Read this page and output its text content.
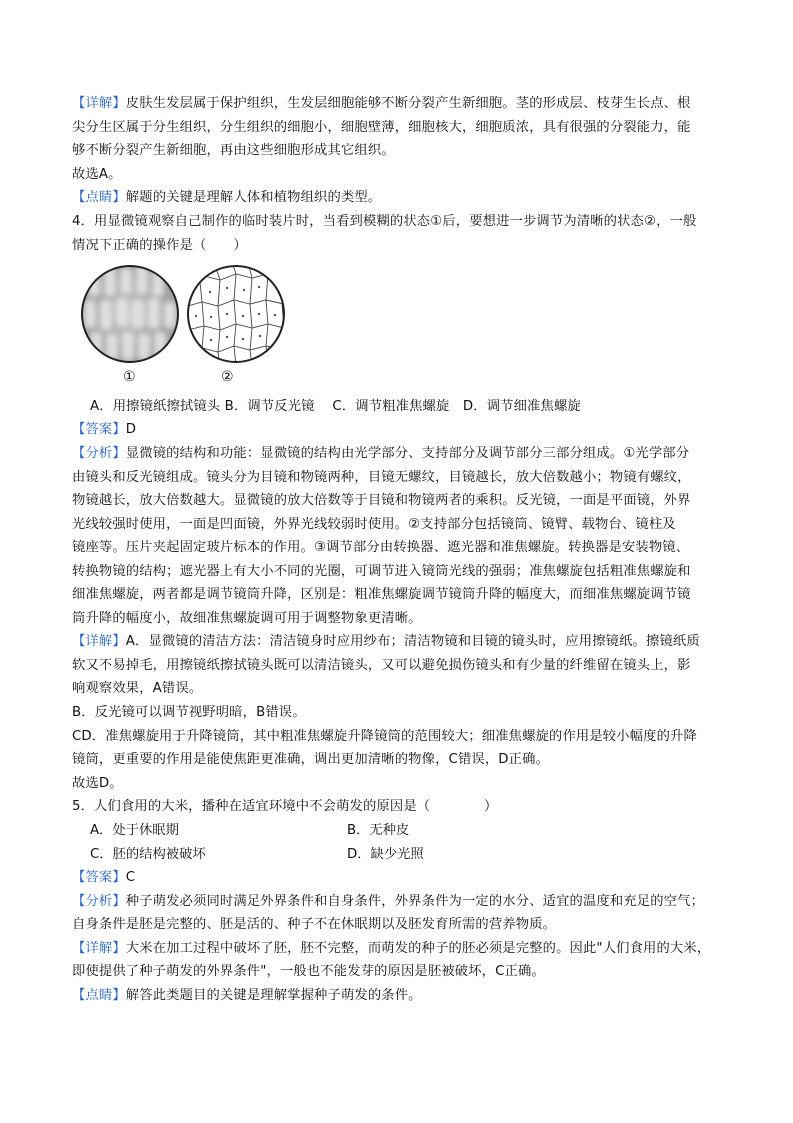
【详解】皮肤生发层属于保护组织，生发层细胞能够不断分裂产生新细胞。茎的形成层、枝芽生长点、根
尖分生区属于分生组织，分生组织的细胞小，细胞壁薄，细胞核大，细胞质浓，具有很强的分裂能力，能
够不断分裂产生新细胞，再由这些细胞形成其它组织。
故选A。
【点睛】解题的关键是理解人体和植物组织的类型。
4．用显微镜观察自己制作的临时装片时，当看到模糊的状态①后，要想进一步调节为清晰的状态②，一般
情况下正确的操作是（　　）
①	②
A．用擦镜纸擦拭镜头 B．调节反光镜　 C．调节粗准焦螺旋　D．调节细准焦螺旋
【答案】D
【分析】显微镜的结构和功能：显微镜的结构由光学部分、支持部分及调节部分三部分组成。①光学部分
由镜头和反光镜组成。镜头分为目镜和物镜两种，目镜无螺纹，目镜越长，放大倍数越小；物镜有螺纹，
物镜越长，放大倍数越大。显微镜的放大倍数等于目镜和物镜两者的乘积。反光镜，一面是平面镜，外界
光线较强时使用，一面是凹面镜，外界光线较弱时使用。②支持部分包括镜筒、镜臂、载物台、镜柱及
镜座等。压片夹起固定玻片标本的作用。③调节部分由转换器、遮光器和准焦螺旋。转换器是安装物镜、
转换物镜的结构；遮光器上有大小不同的光圈，可调节进入镜筒光线的强弱；准焦螺旋包括粗准焦螺旋和
细准焦螺旋，两者都是调节镜筒升降，区别是：粗准焦螺旋调节镜筒升降的幅度大，而细准焦螺旋调节镜
筒升降的幅度小，故细准焦螺旋调可用于调整物象更清晰。
【详解】A．显微镜的清洁方法：清洁镜身时应用纱布；清洁物镜和目镜的镜头时，应用擦镜纸。擦镜纸质
软又不易掉毛，用擦镜纸擦拭镜头既可以清洁镜头，又可以避免损伤镜头和有少量的纤维留在镜头上，影
响观察效果，A错误。
B．反光镜可以调节视野明暗，B错误。
CD．准焦螺旋用于升降镜筒，其中粗准焦螺旋升降镜筒的范围较大；细准焦螺旋的作用是较小幅度的升降
镜筒，更重要的作用是能使焦距更准确，调出更加清晰的物像，C错误，D正确。
故选D。
5．人们食用的大米，播种在适宜环境中不会萌发的原因是（　　　　）
A．处于休眠期	B．无种皮
C．胚的结构被破坏	D．缺少光照
【答案】C
【分析】种子萌发必须同时满足外界条件和自身条件，外界条件为一定的水分、适宜的温度和充足的空气；
自身条件是胚是完整的、胚是活的、种子不在休眠期以及胚发育所需的营养物质。
【详解】大米在加工过程中破坏了胚，胚不完整，而萌发的种子的胚必须是完整的。因此"人们食用的大米，
即使提供了种子萌发的外界条件"，一般也不能发芽的原因是胚被破坏，C正确。
【点睛】解答此类题目的关键是理解掌握种子萌发的条件。
